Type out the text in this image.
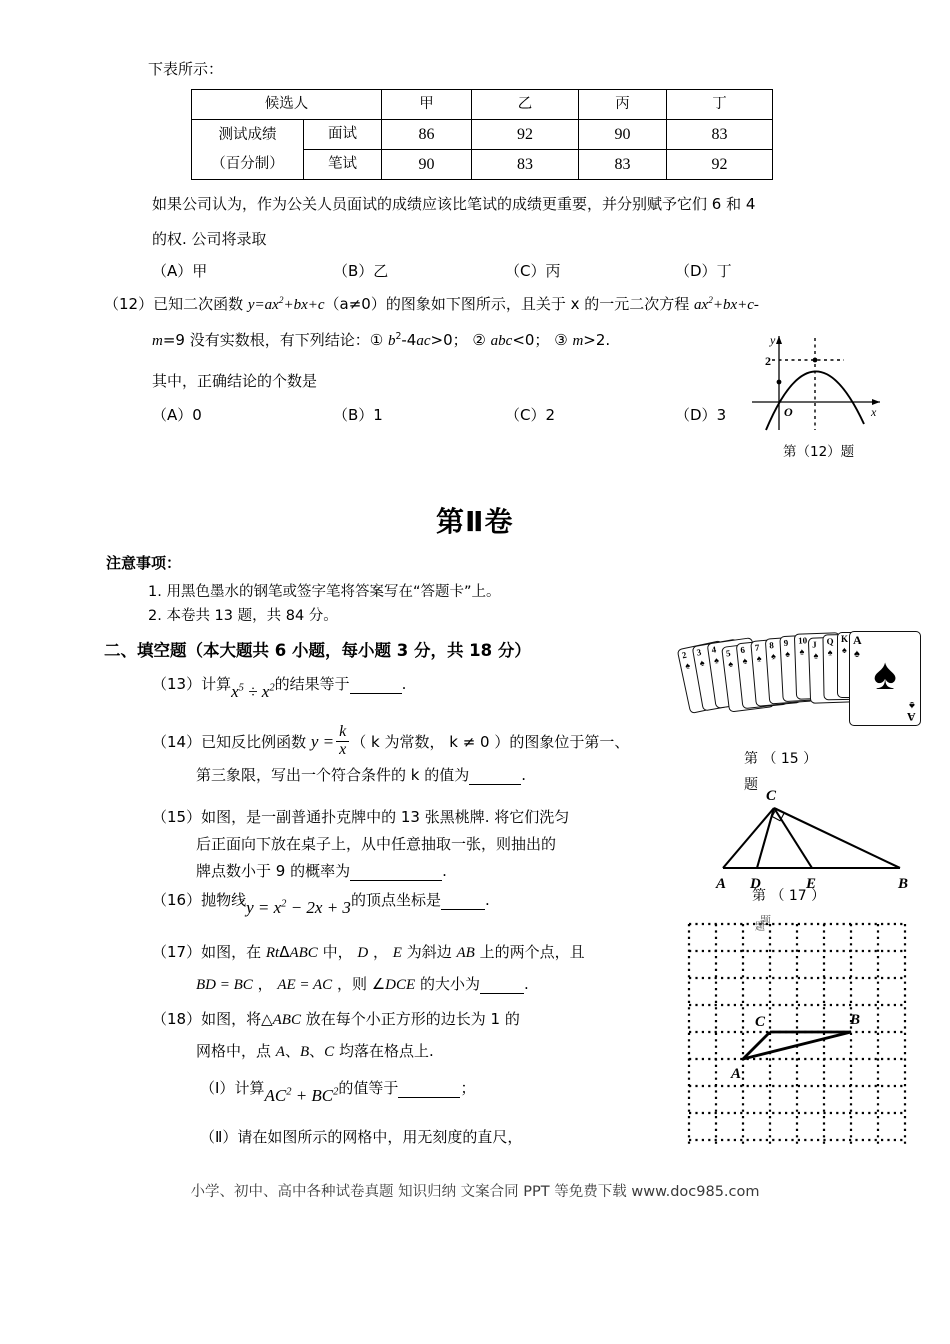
下表所示：
候选人		甲	乙	丙	丁

测试成绩
（百分制）	面试	86	92	90	83
	笔试	90	83	83	92
如果公司认为，作为公关人员面试的成绩应该比笔试的成绩更重要，并分别赋予它们 6 和 4
的权. 公司将录取
（A）甲	（B）乙	（C）丙	（D）丁
（12）已知二次函数 $y=ax^2+bx+c(a\ne 0)$的图象如下图所示，且关于 x 的一元二次方程 $ax^2+bx+c-$
m=9 没有实数根，有下列结论：① $b^2-4ac>0$； ② abc<0； ③ m>2.
其中，正确结论的个数是
（A）0	（B）1	（C）2	（D）3
2
O
y
x
第（12）题
第Ⅱ卷
注意事项：
1. 用黑色墨水的钢笔或签字笔将答案写在“答题卡”上。
2. 本卷共 13 题，共 84 分。
二、填空题（本大题共 6 小题，每小题 3 分，共 18 分）
（13）计算$x^5 \div x^2$的结果等于	.
（14）已知反比例函数 $y = \frac{k}{x}$ （ k 为常数， k ≠ 0 ）的图象位于第一、
第三象限，写出一个符合条件的 k 的值为	.
（15）如图，是一副普通扑克牌中的 13 张黑桃牌. 将它们洗匀
后正面向下放在桌子上，从中任意抽取一张，则抽出的
牌点数小于 9 的概率为	.
2
♠
3
♠
4
♠
5
♠
6
♠
7
♠
8
♠
9
♠
10
♠
J
♠
Q
♠
K
♠
A
♠ ♠
A
♠
第 （ 15 ）
题
（16）抛物线$y = x^2 - 2x + 3$的顶点坐标是	.
C
A D	E	B
第 （ 17 ）
题
（17）如图，在 RtΔABC 中， D ， E 为斜边 AB 上的两个点，且
BD = BC ， AE = AC ，则 ∠DCE 的大小为	.
（18）如图，将△ABC 放在每个小正方形的边长为 1 的
网格中，点 A、B、C 均落在格点上.
（Ⅰ）计算$AC^2 + BC^2$的值等于	；
（Ⅱ）请在如图所示的网格中，用无刻度的直尺，
A
C	B
题
小学、初中、高中各种试卷真题 知识归纳 文案合同 PPT 等免费下载 www.doc985.com
